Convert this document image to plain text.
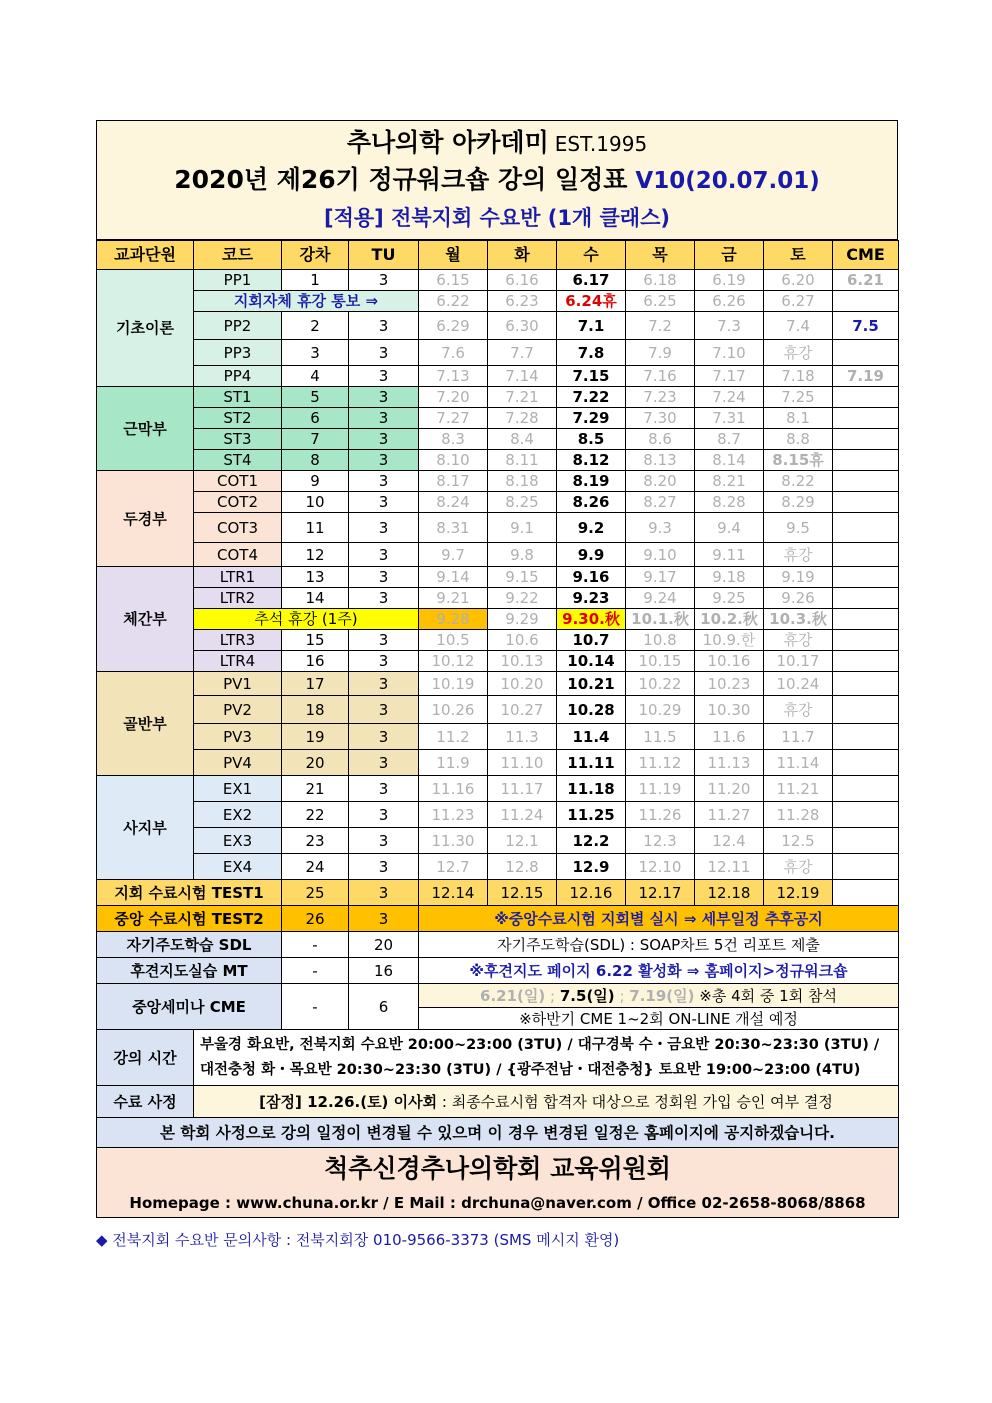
추나의학 아카데미 EST.1995
2020년 제26기 정규워크숍 강의 일정표 V10(20.07.01)
[적용] 전북지회 수요반 (1개 클래스)
교과단원	코드	강차	TU	월	화	수	목	금	토	CME
기초이론	PP1	1	3	6.15	6.16	6.17	6.18	6.19	6.20	6.21
	지회자체 휴강 통보 ⇒			6.22	6.23	6.24휴	6.25	6.26	6.27	
	PP2	2	3	6.29	6.30	7.1	7.2	7.3	7.4	7.5
	PP3	3	3	7.6	7.7	7.8	7.9	7.10	휴강	
	PP4	4	3	7.13	7.14	7.15	7.16	7.17	7.18	7.19
근막부	ST1	5	3	7.20	7.21	7.22	7.23	7.24	7.25	
	ST2	6	3	7.27	7.28	7.29	7.30	7.31	8.1	
	ST3	7	3	8.3	8.4	8.5	8.6	8.7	8.8	
	ST4	8	3	8.10	8.11	8.12	8.13	8.14	8.15휴	
두경부	COT1	9	3	8.17	8.18	8.19	8.20	8.21	8.22	
	COT2	10	3	8.24	8.25	8.26	8.27	8.28	8.29	
	COT3	11	3	8.31	9.1	9.2	9.3	9.4	9.5	
	COT4	12	3	9.7	9.8	9.9	9.10	9.11	휴강	
체간부	LTR1	13	3	9.14	9.15	9.16	9.17	9.18	9.19	
	LTR2	14	3	9.21	9.22	9.23	9.24	9.25	9.26	
	추석 휴강 (1주)			9.28	9.29	9.30.秋	10.1.秋	10.2.秋	10.3.秋	
	LTR3	15	3	10.5	10.6	10.7	10.8	10.9.한	휴강	
	LTR4	16	3	10.12	10.13	10.14	10.15	10.16	10.17	
골반부	PV1	17	3	10.19	10.20	10.21	10.22	10.23	10.24	
	PV2	18	3	10.26	10.27	10.28	10.29	10.30	휴강	
	PV3	19	3	11.2	11.3	11.4	11.5	11.6	11.7	
	PV4	20	3	11.9	11.10	11.11	11.12	11.13	11.14	
사지부	EX1	21	3	11.16	11.17	11.18	11.19	11.20	11.21	
	EX2	22	3	11.23	11.24	11.25	11.26	11.27	11.28	
	EX3	23	3	11.30	12.1	12.2	12.3	12.4	12.5	
	EX4	24	3	12.7	12.8	12.9	12.10	12.11	휴강	
지회 수료시험 TEST1		25	3	12.14	12.15	12.16	12.17	12.18	12.19	
중앙 수료시험 TEST2		26	3	※중앙수료시험 지회별 실시 ⇒ 세부일정 추후공지						
자기주도학습 SDL		-	20	자기주도학습(SDL) : SOAP차트 5건 리포트 제출						
후견지도실습 MT		-	16	※후견지도 페이지 6.22 활성화 ⇒ 홈페이지>정규워크숍						
중앙세미나 CME		-	6	6.21(일) ; 7.5(일) ; 7.19(일) ※총 4회 중 1회 참석						
				※하반기 CME 1~2회 ON-LINE 개설 예정						
강의 시간	부울경 화요반, 전북지회 수요반 20:00~23:00 (3TU) / 대구경북 수・금요반 20:30~23:30 (3TU) /
대전충청 화・목요반 20:30~23:30 (3TU) / {광주전남・대전충청} 토요반 19:00~23:00 (4TU)									

수료 사정	[잠정] 12.26.(토) 이사회 : 최종수료시험 합격자 대상으로 정회원 가입 승인 여부 결정									
본 학회 사정으로 강의 일정이 변경될 수 있으며 이 경우 변경된 일정은 홈페이지에 공지하겠습니다.										
척추신경추나의학회 교육위원회										
Homepage : www.chuna.or.kr / E Mail : drchuna@naver.com / Office 02-2658-8068/8868										
◆ 전북지회 수요반 문의사항 : 전북지회장 010-9566-3373 (SMS 메시지 환영)
